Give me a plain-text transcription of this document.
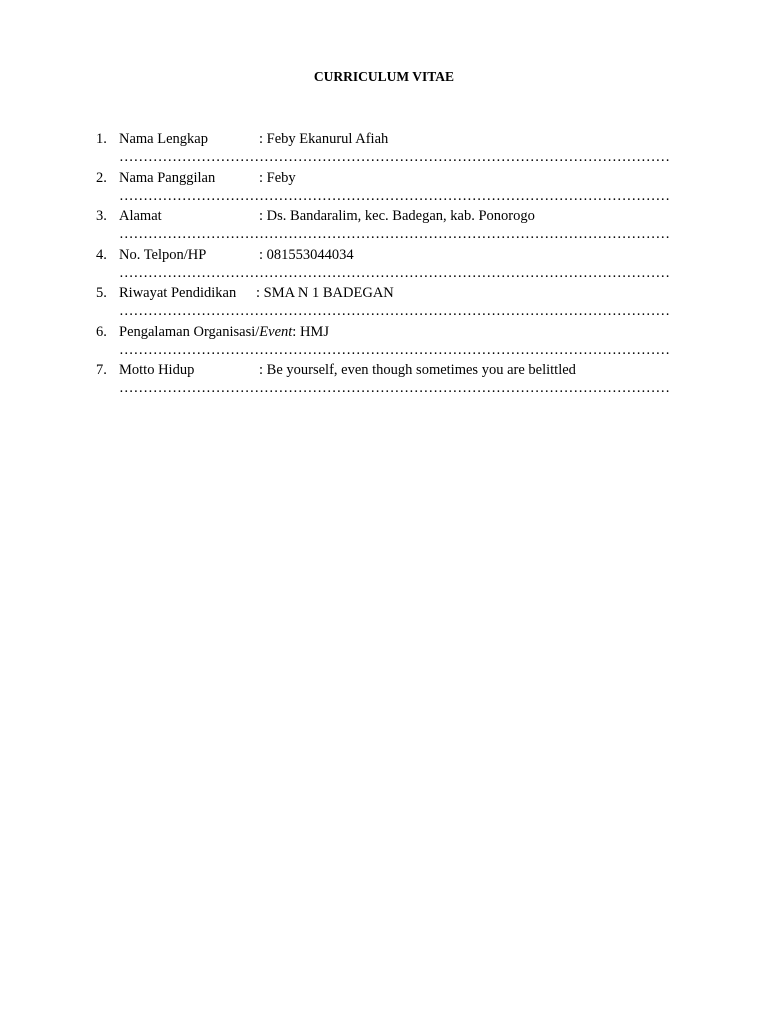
CURRICULUM VITAE
1. Nama Lengkap	: Feby Ekanurul Afiah
……………………………………………………………………………………………………
2. Nama Panggilan	: Feby
……………………………………………………………………………………………………
3. Alamat	: Ds. Bandaralim, kec. Badegan, kab. Ponorogo
……………………………………………………………………………………………………
4. No. Telpon/HP	: 081553044034
……………………………………………………………………………………………………
5. Riwayat Pendidikan : SMA N 1 BADEGAN
……………………………………………………………………………………………………
6. Pengalaman Organisasi/Event: HMJ
……………………………………………………………………………………………………
7. Motto Hidup	: Be yourself, even though sometimes you are belittled
……………………………………………………………………………………………………
